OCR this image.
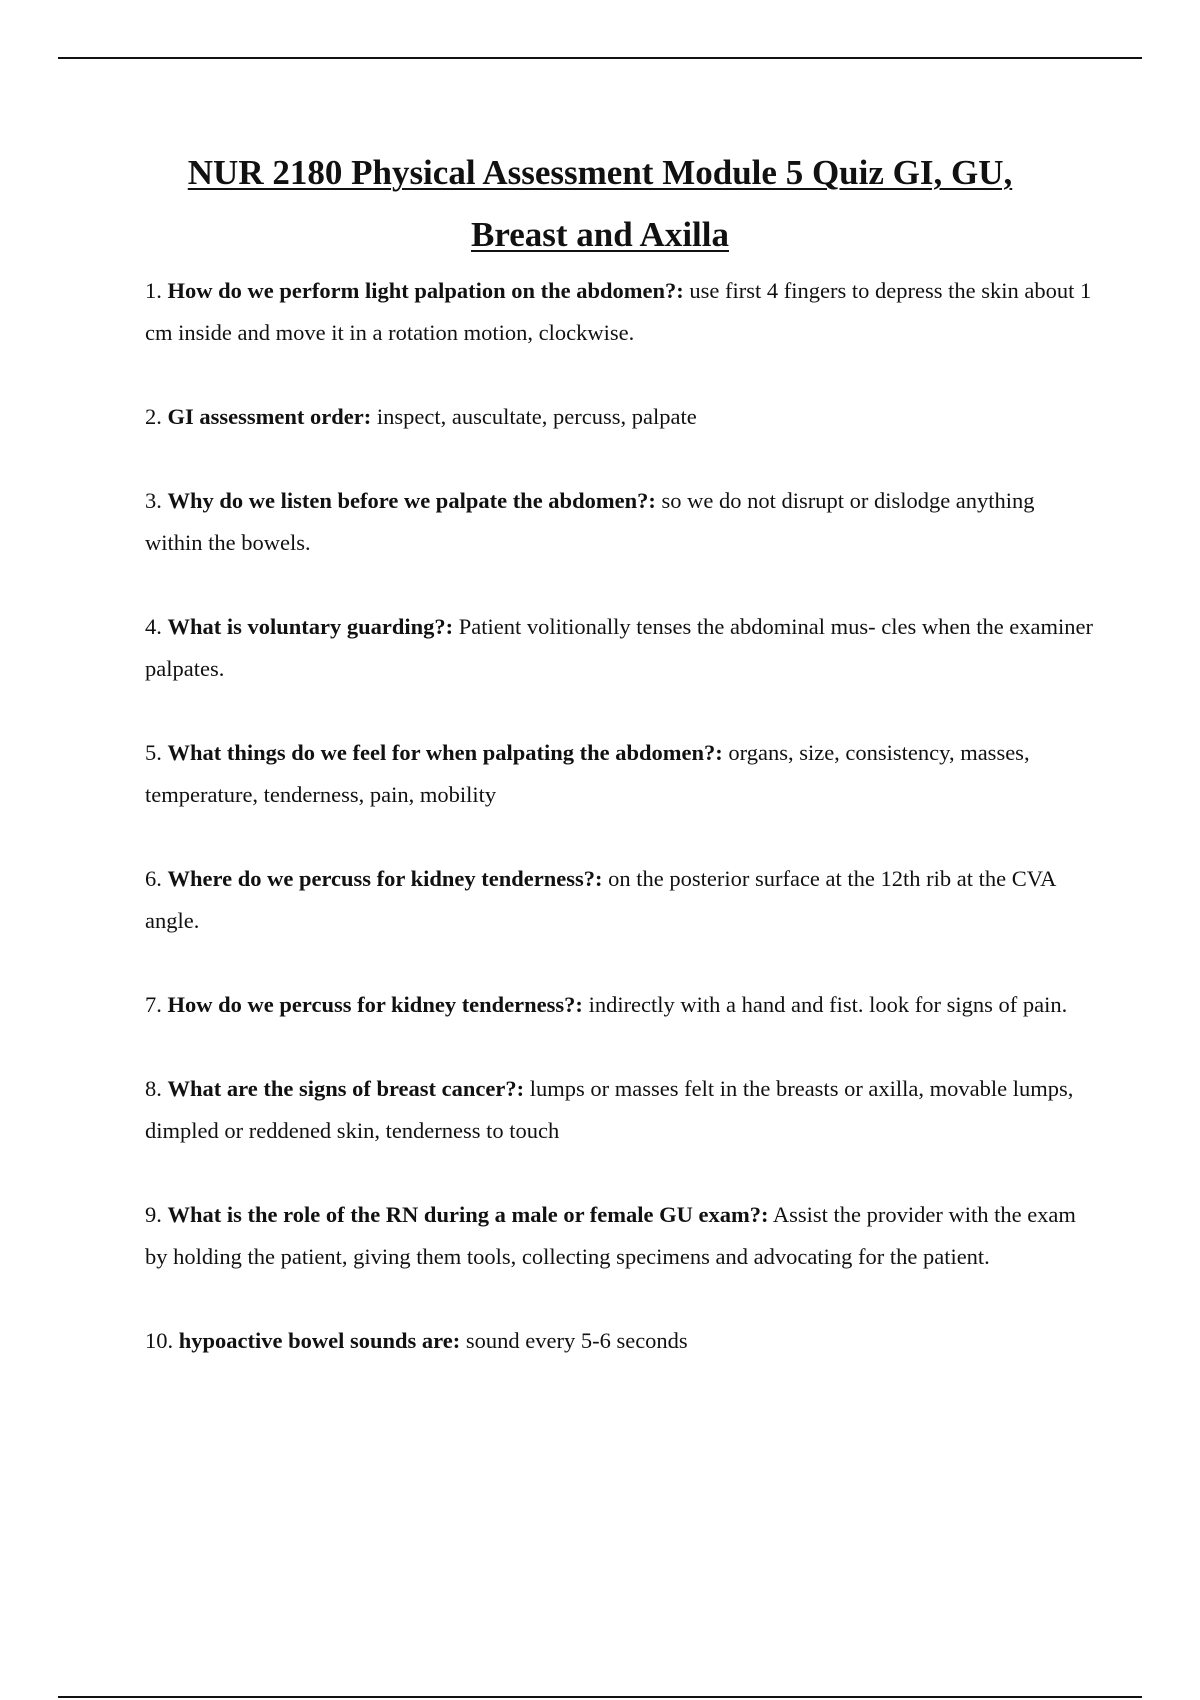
NUR 2180 Physical Assessment Module 5 Quiz GI, GU,
Breast and Axilla
1. How do we perform light palpation on the abdomen?: use first 4 fingers to depress the skin about 1 cm inside and move it in a rotation motion, clockwise.
2. GI assessment order: inspect, auscultate, percuss, palpate
3. Why do we listen before we palpate the abdomen?: so we do not disrupt or dislodge anything within the bowels.
4. What is voluntary guarding?: Patient volitionally tenses the abdominal mus- cles when the examiner palpates.
5. What things do we feel for when palpating the abdomen?: organs, size, consistency, masses, temperature, tenderness, pain, mobility
6. Where do we percuss for kidney tenderness?: on the posterior surface at the 12th rib at the CVA angle.
7. How do we percuss for kidney tenderness?: indirectly with a hand and fist. look for signs of pain.
8. What are the signs of breast cancer?: lumps or masses felt in the breasts or axilla, movable lumps, dimpled or reddened skin, tenderness to touch
9. What is the role of the RN during a male or female GU exam?: Assist the provider with the exam by holding the patient, giving them tools, collecting specimens and advocating for the patient.
10. hypoactive bowel sounds are: sound every 5-6 seconds
